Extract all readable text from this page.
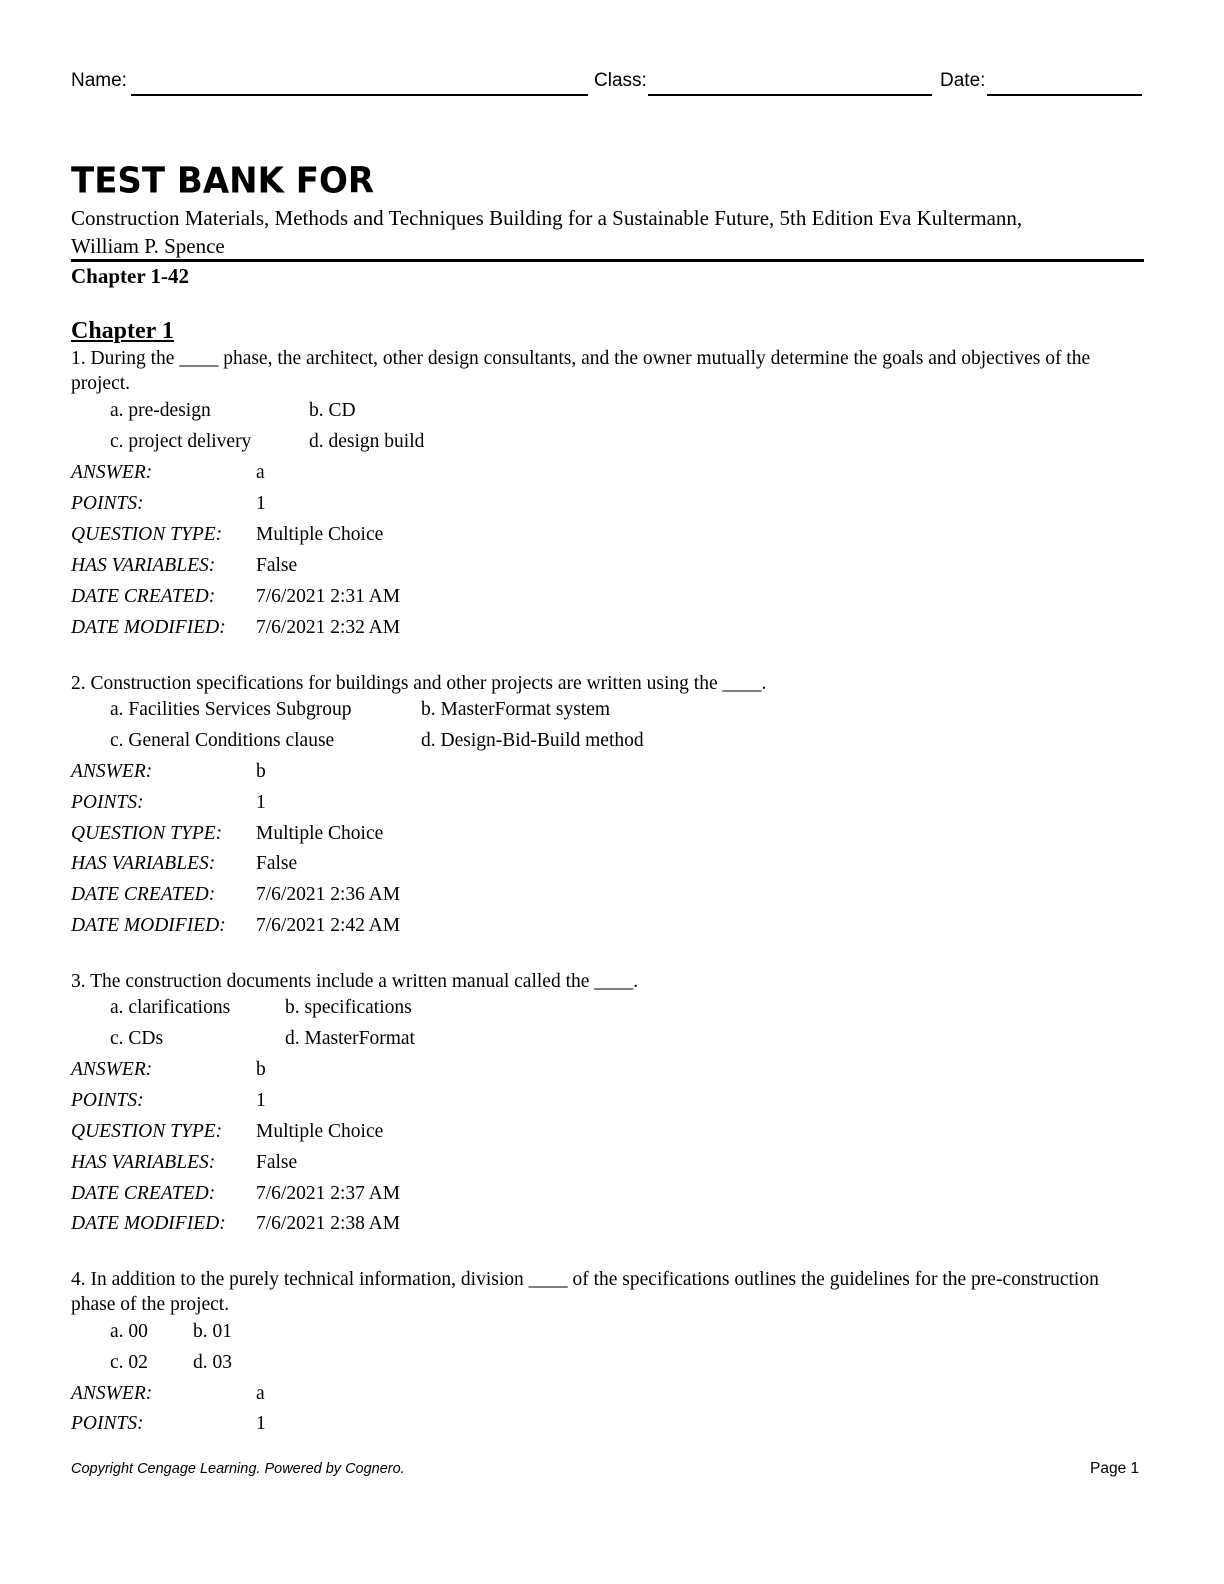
Name:	Class:	Date:
TEST BANK FOR
Construction Materials, Methods and Techniques Building for a Sustainable Future, 5th Edition Eva Kultermann, William P. Spence
Chapter 1-42
Chapter 1
1. During the ____ phase, the architect, other design consultants, and the owner mutually determine the goals and objectives of the project.
a. pre-design	b. CD
c. project delivery	d. design build
ANSWER:	a
POINTS:	1
QUESTION TYPE: Multiple Choice
HAS VARIABLES: False
DATE CREATED: 7/6/2021 2:31 AM
DATE MODIFIED: 7/6/2021 2:32 AM
2. Construction specifications for buildings and other projects are written using the ____.
a. Facilities Services Subgroup	b. MasterFormat system
c. General Conditions clause	d. Design-Bid-Build method
ANSWER:	b
POINTS:	1
QUESTION TYPE: Multiple Choice
HAS VARIABLES: False
DATE CREATED: 7/6/2021 2:36 AM
DATE MODIFIED: 7/6/2021 2:42 AM
3. The construction documents include a written manual called the ____.
a. clarifications	b. specifications
c. CDs	d. MasterFormat
ANSWER:	b
POINTS:	1
QUESTION TYPE: Multiple Choice
HAS VARIABLES: False
DATE CREATED: 7/6/2021 2:37 AM
DATE MODIFIED: 7/6/2021 2:38 AM
4. In addition to the purely technical information, division ____ of the specifications outlines the guidelines for the pre-construction phase of the project.
a. 00 b. 01
c. 02 d. 03
ANSWER:	a
POINTS:	1
Copyright Cengage Learning. Powered by Cognero.	Page 1
